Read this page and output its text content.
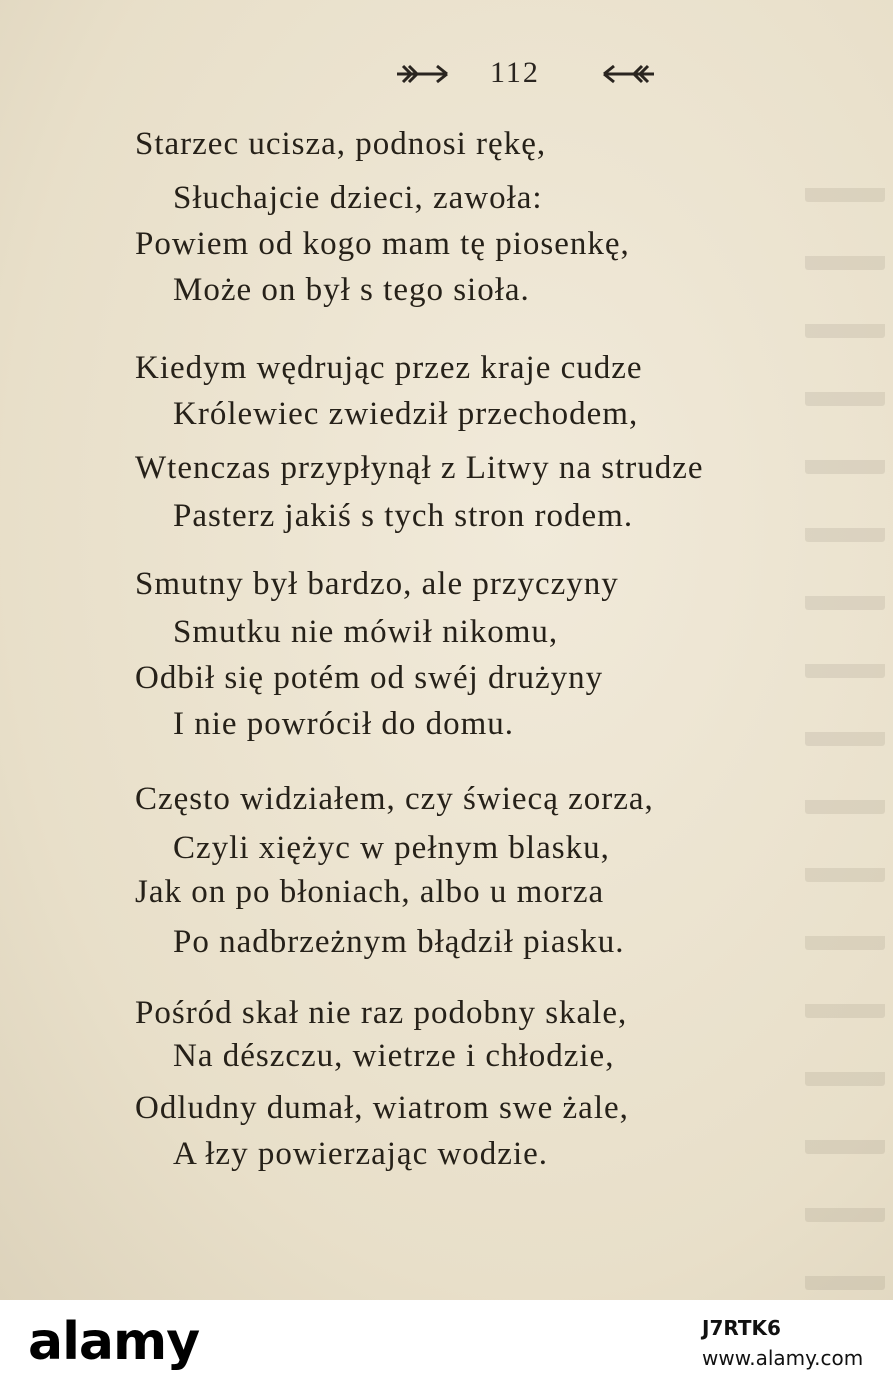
112
Starzec ucisza, podnosi rękę,
Słuchajcie dzieci, zawoła:
Powiem od kogo mam tę piosenkę,
Może on był s tego sioła.
Kiedym wędrując przez kraje cudze
Królewiec zwiedził przechodem,
Wtenczas przypłynął z Litwy na strudze
Pasterz jakiś s tych stron rodem.
Smutny był bardzo, ale przyczyny
Smutku nie mówił nikomu,
Odbił się potém od swéj drużyny
I nie powrócił do domu.
Często widziałem, czy świecą zorza,
Czyli xiężyc w pełnym blasku,
Jak on po błoniach, albo u morza
Po nadbrzeżnym błądził piasku.
Pośród skał nie raz podobny skale,
Na dészczu, wietrze i chłodzie,
Odludny dumał, wiatrom swe żale,
A łzy powierzając wodzie.
alamy	J7RTK6
www.alamy.com
